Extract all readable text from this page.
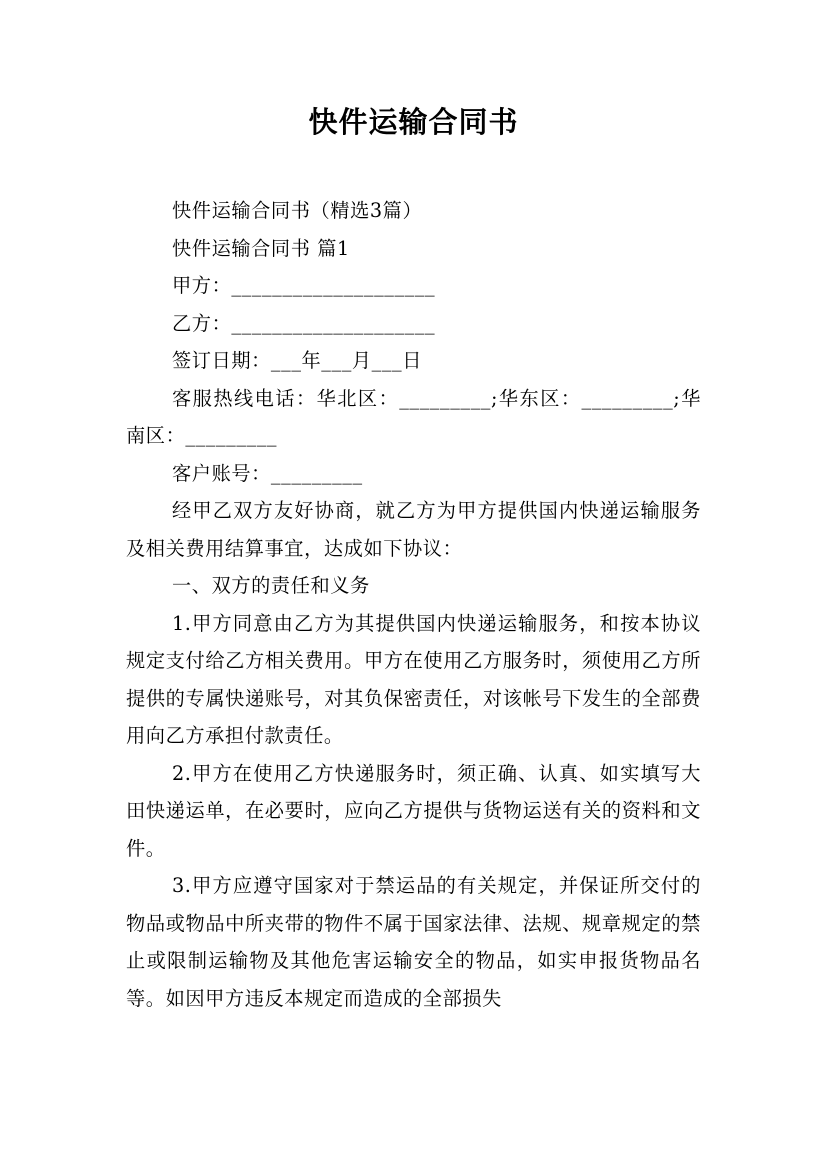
快件运输合同书

快件运输合同书（精选3篇）

快件运输合同书 篇1

甲方：____________________

乙方：____________________

签订日期：___年___月___日

客服热线电话：华北区：_________;华东区：_________;华南区：_________

客户账号：_________

经甲乙双方友好协商，就乙方为甲方提供国内快递运输服务及相关费用结算事宜，达成如下协议：

一、双方的责任和义务

1.甲方同意由乙方为其提供国内快递运输服务，和按本协议规定支付给乙方相关费用。甲方在使用乙方服务时，须使用乙方所提供的专属快递账号，对其负保密责任，对该帐号下发生的全部费用向乙方承担付款责任。

2.甲方在使用乙方快递服务时，须正确、认真、如实填写大田快递运单，在必要时，应向乙方提供与货物运送有关的资料和文件。

3.甲方应遵守国家对于禁运品的有关规定，并保证所交付的物品或物品中所夹带的物件不属于国家法律、法规、规章规定的禁止或限制运输物及其他危害运输安全的物品，如实申报货物品名等。如因甲方违反本规定而造成的全部损失
